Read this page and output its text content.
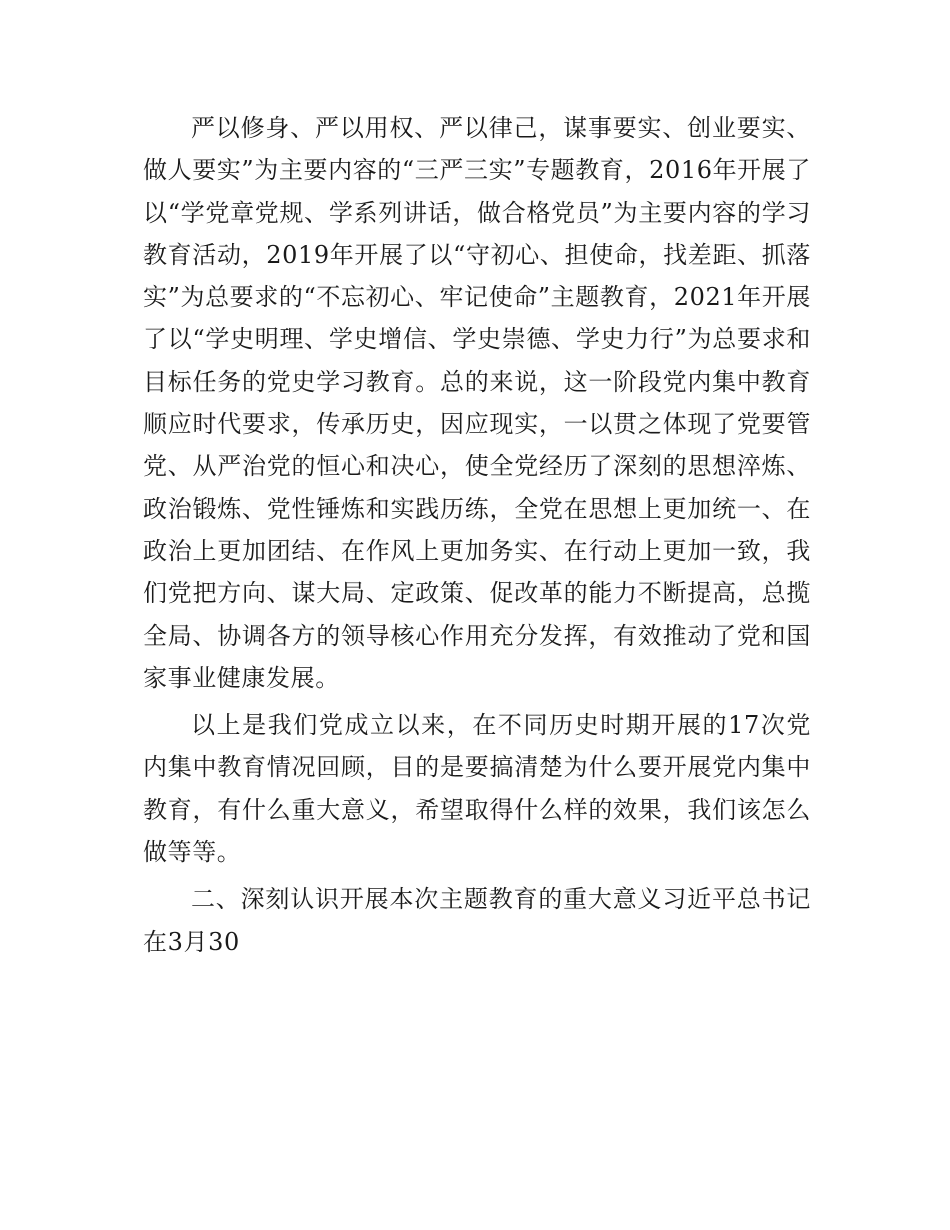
严以修身、严以用权、严以律己，谋事要实、创业要实、做人要实”为主要内容的“三严三实”专题教育，2016年开展了以“学党章党规、学系列讲话，做合格党员”为主要内容的学习教育活动，2019年开展了以“守初心、担使命，找差距、抓落实”为总要求的“不忘初心、牢记使命”主题教育，2021年开展了以“学史明理、学史增信、学史崇德、学史力行”为总要求和目标任务的党史学习教育。总的来说，这一阶段党内集中教育顺应时代要求，传承历史，因应现实，一以贯之体现了党要管党、从严治党的恒心和决心，使全党经历了深刻的思想淬炼、政治锻炼、党性锤炼和实践历练，全党在思想上更加统一、在政治上更加团结、在作风上更加务实、在行动上更加一致，我们党把方向、谋大局、定政策、促改革的能力不断提高，总揽全局、协调各方的领导核心作用充分发挥，有效推动了党和国家事业健康发展。

以上是我们党成立以来，在不同历史时期开展的17次党内集中教育情况回顾，目的是要搞清楚为什么要开展党内集中教育，有什么重大意义，希望取得什么样的效果，我们该怎么做等等。

二、深刻认识开展本次主题教育的重大意义习近平总书记在3月30
